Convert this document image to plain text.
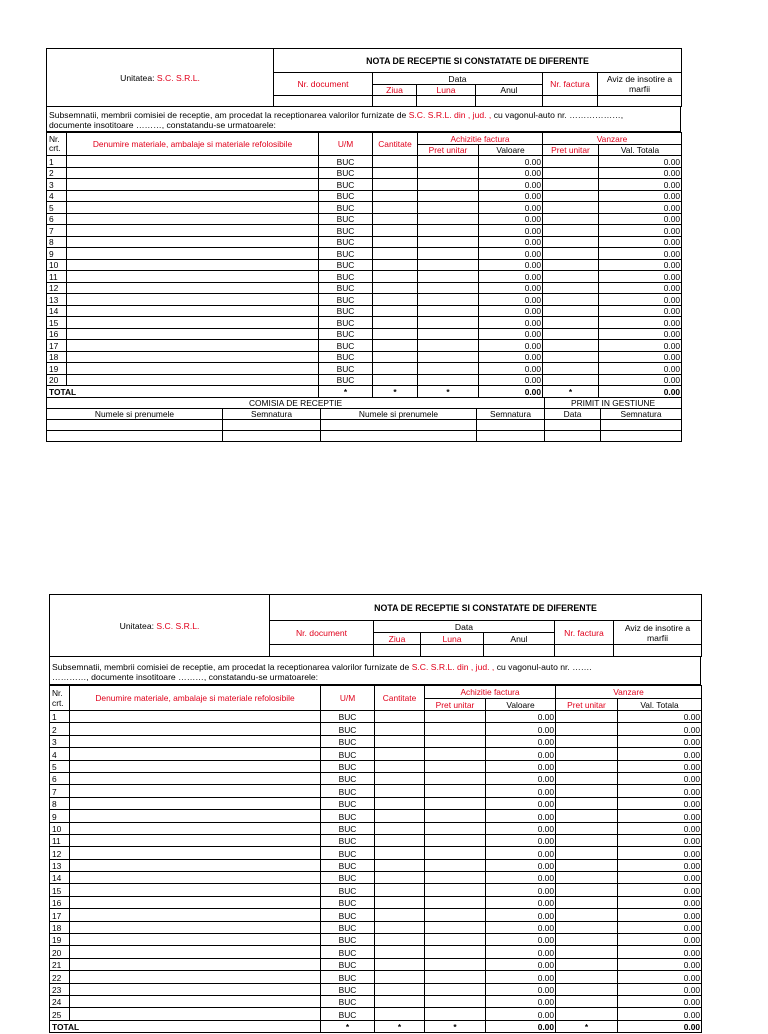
Unitatea: S.C. S.R.L.	NOTA DE RECEPTIE SI CONSTATATE DE DIFERENTE					
	Nr. document	Data			Nr. factura	Aviz de insotire a marfii
		Ziua	Luna	Anul		

Subsemnatii, membrii comisiei de receptie, am procedat la receptionarea valorilor furnizate de S.C. S.R.L. din , jud. , cu vagonul-auto nr. ………………,
documente insotitoare ………, constatandu-se urmatoarele:
Nr. crt.	Denumire materiale, ambalaje si materiale refolosibile	U/M	Cantitate	Achizitie factura		Vanzare	
				Pret unitar	Valoare	Pret unitar	Val. Totala
1		BUC			0.00		0.00
2		BUC			0.00		0.00
3		BUC			0.00		0.00
4		BUC			0.00		0.00
5		BUC			0.00		0.00
6		BUC			0.00		0.00
7		BUC			0.00		0.00
8		BUC			0.00		0.00
9		BUC			0.00		0.00
10		BUC			0.00		0.00
11		BUC			0.00		0.00
12		BUC			0.00		0.00
13		BUC			0.00		0.00
14		BUC			0.00		0.00
15		BUC			0.00		0.00
16		BUC			0.00		0.00
17		BUC			0.00		0.00
18		BUC			0.00		0.00
19		BUC			0.00		0.00
20		BUC			0.00		0.00
TOTAL		*	*	*	0.00	*	0.00
COMISIA DE RECEPTIE				PRIMIT IN GESTIUNE	
Numele si prenumele	Semnatura	Numele si prenumele	Semnatura	Data	Semnatura

Unitatea: S.C. S.R.L.	NOTA DE RECEPTIE SI CONSTATATE DE DIFERENTE					
	Nr. document	Data			Nr. factura	Aviz de insotire a marfii
		Ziua	Luna	Anul		

Subsemnatii, membrii comisiei de receptie, am procedat la receptionarea valorilor furnizate de S.C. S.R.L. din , jud. , cu vagonul-auto nr. …….
…………, documente insotitoare ………, constatandu-se urmatoarele:
Nr. crt.	Denumire materiale, ambalaje si materiale refolosibile	U/M	Cantitate	Achizitie factura		Vanzare	
				Pret unitar	Valoare	Pret unitar	Val. Totala
1		BUC			0.00		0.00
2		BUC			0.00		0.00
3		BUC			0.00		0.00
4		BUC			0.00		0.00
5		BUC			0.00		0.00
6		BUC			0.00		0.00
7		BUC			0.00		0.00
8		BUC			0.00		0.00
9		BUC			0.00		0.00
10		BUC			0.00		0.00
11		BUC			0.00		0.00
12		BUC			0.00		0.00
13		BUC			0.00		0.00
14		BUC			0.00		0.00
15		BUC			0.00		0.00
16		BUC			0.00		0.00
17		BUC			0.00		0.00
18		BUC			0.00		0.00
19		BUC			0.00		0.00
20		BUC			0.00		0.00
21		BUC			0.00		0.00
22		BUC			0.00		0.00
23		BUC			0.00		0.00
24		BUC			0.00		0.00
25		BUC			0.00		0.00
TOTAL		*	*	*	0.00	*	0.00
